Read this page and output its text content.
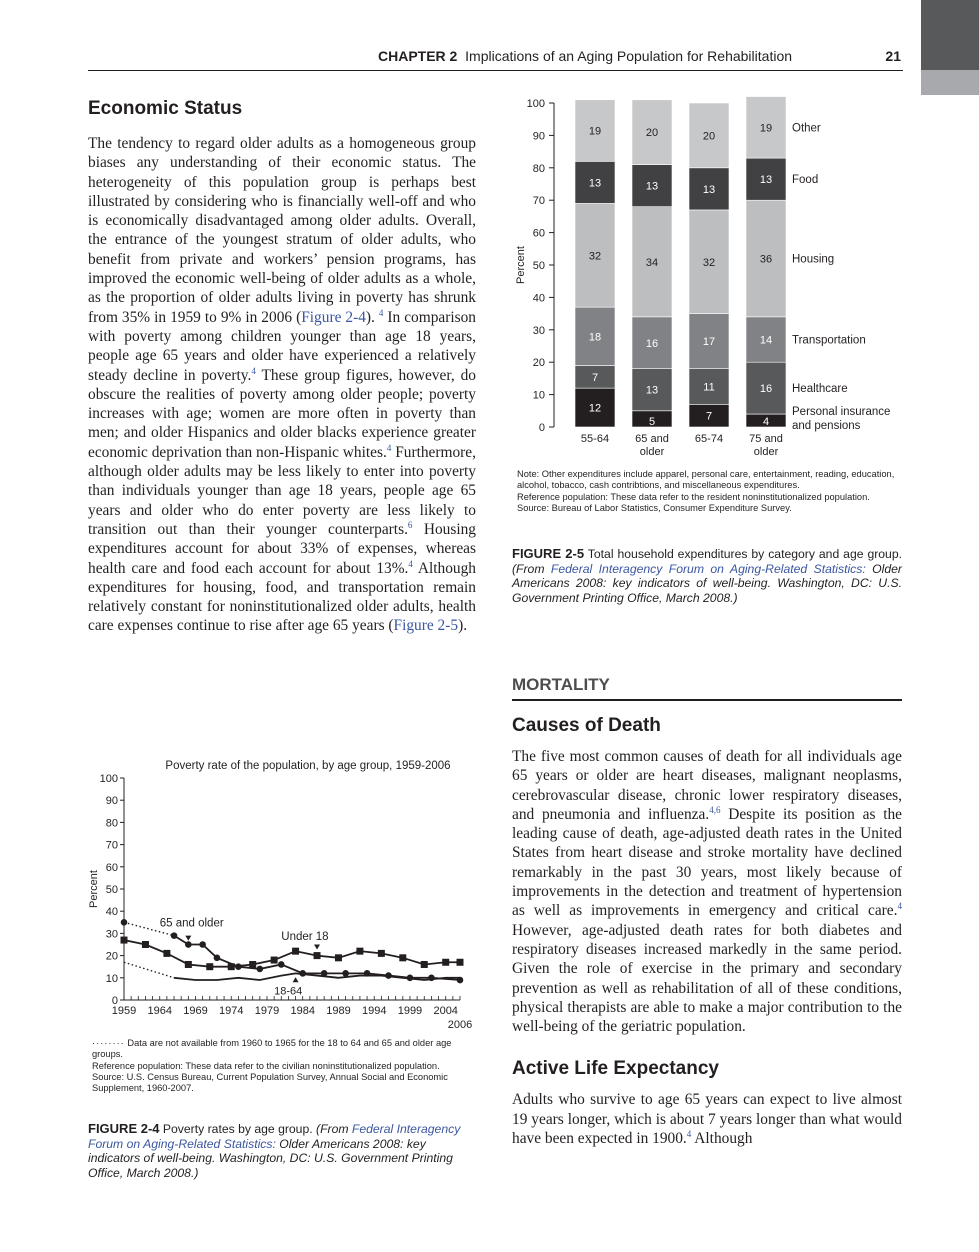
CHAPTER 2 Implications of an Aging Population for Rehabilitation	21
Economic Status

The tendency to regard older adults as a homogeneous group biases any understanding of their economic status. The heterogeneity of this population group is perhaps best illustrated by considering who is financially well-off and who is economically disadvantaged among older adults. Overall, the entrance of the youngest stratum of older adults, who benefit from private and workers’ pension programs, has improved the economic well-being of older adults as a whole, as the proportion of older adults living in poverty has shrunk from 35% in 1959 to 9% in 2006 (Figure 2-4). $^4$ In comparison with poverty among children younger than age 18 years, people age 65 years and older have experienced a relatively steady decline in poverty.$^4$ These group figures, however, do obscure the realities of poverty among older people; poverty increases with age; women are more often in poverty than men; and older Hispanics and older blacks experience greater economic deprivation than non-Hispanic whites.$^4$ Furthermore, although older adults may be less likely to enter into poverty than individuals younger than age 18 years, people age 65 years and older who do enter poverty are less likely to transition out than their younger counterparts.$^6$ Housing expenditures account for about 33% of expenses, whereas health care and food each account for about 13%.$^4$ Although expenditures for housing, food, and transportation remain relatively constant for noninstitutionalized older adults, health care expenses continue to rise after age 65 years (Figure 2-5).

0
10
20
30
40
50
60
70
80
90
100
Percent
12
7
18
32
13
19
55-64
5
13
16
34
13
20
65 and
older
7
11
17
32
13
20
65-74
4
16
14
36
13
19
75 and
older
Personal insurance
and pensions
Healthcare
Transportation
Housing
Food
Other
Note: Other expenditures include apparel, personal care, entertainment, reading, education, alcohol, tobacco, cash contribtions, and miscellaneous expenditures.
Reference population: These data refer to the resident noninstitutionalized population.
Source: Bureau of Labor Statistics, Consumer Expenditure Survey.
FIGURE 2-5 Total household expenditures by category and age group. (From Federal Interagency Forum on Aging-Related Statistics: Older Americans 2008: key indicators of well-being. Washington, DC: U.S. Government Printing Office, March 2008.)
MORTALITY
Causes of Death

The five most common causes of death for all individuals age 65 years or older are heart diseases, malignant neoplasms, cerebrovascular disease, chronic lower respiratory diseases, and pneumonia and influenza.$^{4,6}$ Despite its position as the leading cause of death, age-adjusted death rates in the United States from heart disease and stroke mortality have declined remarkably in the past 30 years, most likely because of improvements in the detection and treatment of hypertension as well as improvements in emergency and critical care.$^4$ However, age-adjusted death rates for both diabetes and respiratory diseases increased markedly in the same period. Given the role of exercise in the primary and secondary prevention as well as rehabilitation of all of these conditions, physical therapists are able to make a major contribution to the well-being of the geriatric population.

Active Life Expectancy

Adults who survive to age 65 years can expect to live almost 19 years longer, which is about 7 years longer than what would have been expected in 1900.$^4$ Although

Poverty rate of the population, by age group, 1959-2006
0
10
20
30
40
50
60
70
80
90
100
Percent
1959 1964 1969 1974 1979 1984 1989 1994 1999 2004
2006
65 and older
Under 18
18-64
········ Data are not available from 1960 to 1965 for the 18 to 64 and 65 and older age groups.
Reference population: These data refer to the civilian noninstitutionalized population.
Source: U.S. Census Bureau, Current Population Survey, Annual Social and Economic Supplement, 1960-2007.
FIGURE 2-4 Poverty rates by age group. (From Federal Interagency Forum on Aging-Related Statistics: Older Americans 2008: key indicators of well-being. Washington, DC: U.S. Government Printing Office, March 2008.)
